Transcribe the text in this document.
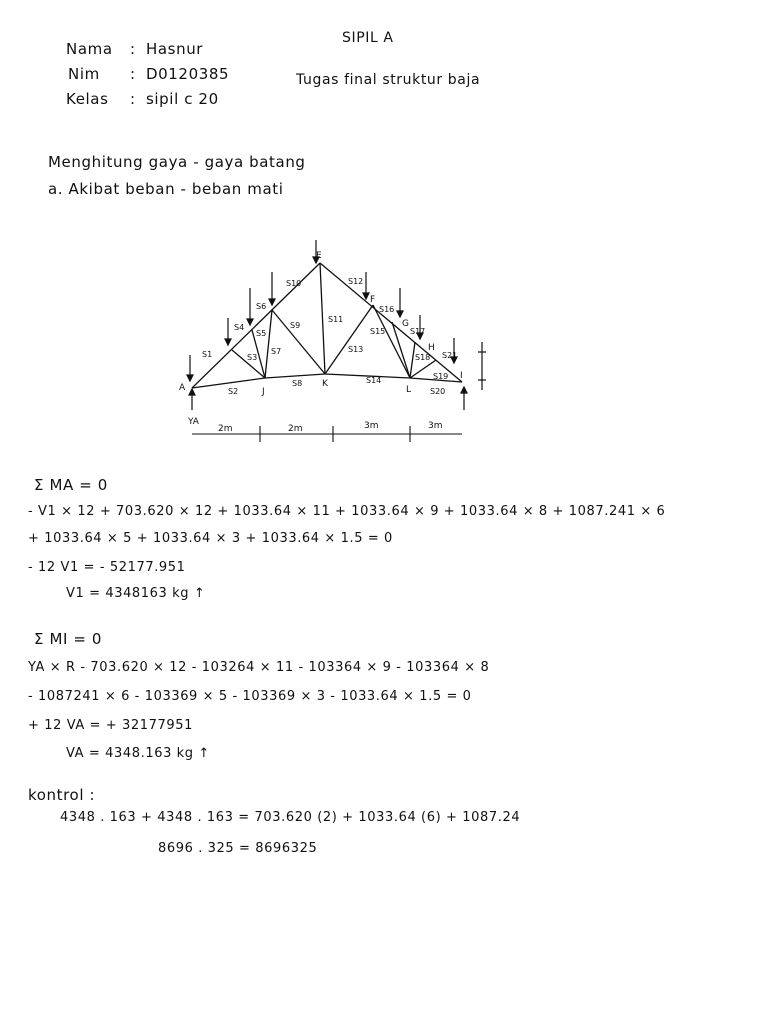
Nama : Hasnur
Nim : D0120385
Kelas : sipil c 20
SIPIL A
Tugas final struktur baja
Menghitung gaya - gaya batang
a. Akibat beban - beban mati
A	J
K
L
E
F
G
H
I
YA
S1
S2
S3
S4
S5
S6
S7
S8
S9
S10
S11
S12
S13
S14
S15
S16
S17
S18
S19
S20
S21
2m	2m	3m	3m
Σ MA = 0
- V1 × 12 + 703.620 × 12 + 1033.64 × 11 + 1033.64 × 9 + 1033.64 × 8 + 1087.241 × 6
+ 1033.64 × 5 + 1033.64 × 3 + 1033.64 × 1.5 = 0
- 12 V1 = - 52177.951
V1 = 4348163 kg ↑
Σ MI = 0
YA × R - 703.620 × 12 - 103264 × 11 - 103364 × 9 - 103364 × 8
- 1087241 × 6 - 103369 × 5 - 103369 × 3 - 1033.64 × 1.5 = 0
+ 12 VA = + 32177951
VA = 4348.163 kg ↑
kontrol :
4348 . 163 + 4348 . 163 = 703.620 (2) + 1033.64 (6) + 1087.24
8696 . 325 = 8696325
